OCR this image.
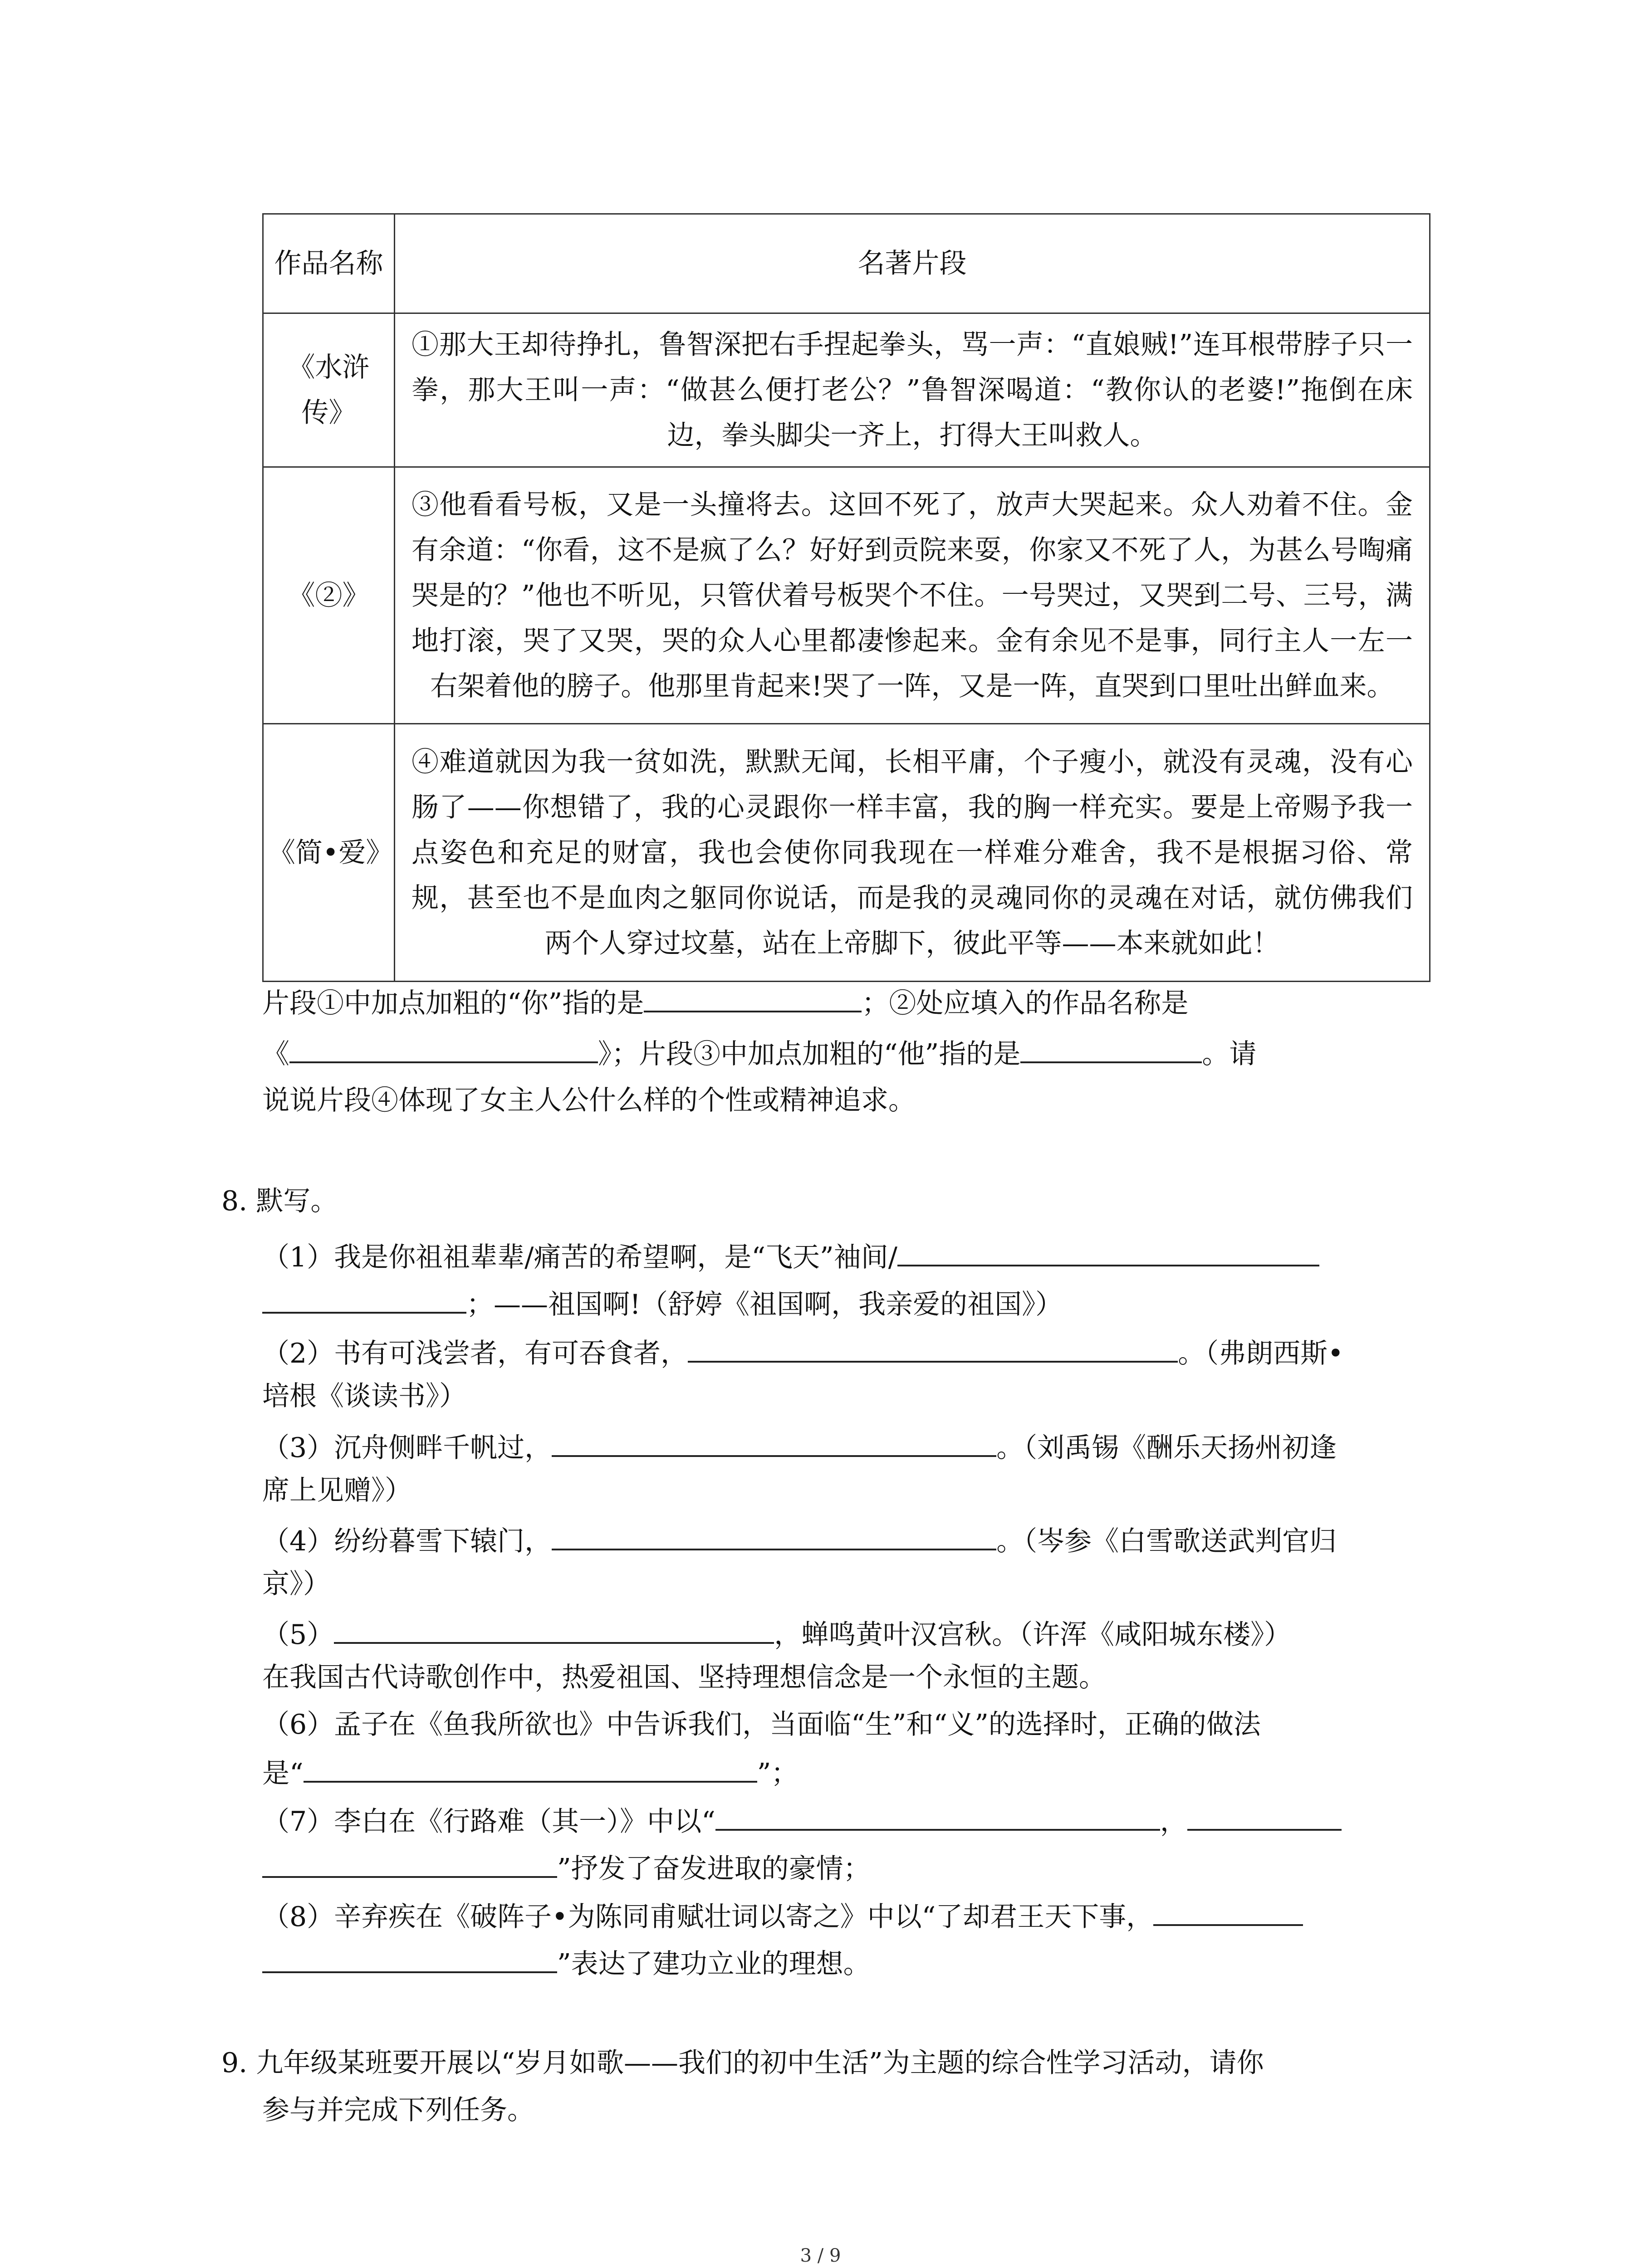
作品名称	名著片段
《水浒传》	①那大王却待挣扎，鲁智深把右手捏起拳头，骂一声：“直娘贼!”连耳根带脖子只一拳，那大王叫一声：“做甚么便打老公？”鲁智深喝道：“教你认的老婆!”拖倒在床边，拳头脚尖一齐上，打得大王叫救人。
《②》	③他看看号板，又是一头撞将去。这回不死了，放声大哭起来。众人劝着不住。金有余道：“你看，这不是疯了么？好好到贡院来耍，你家又不死了人，为甚么号啕痛哭是的？”他也不听见，只管伏着号板哭个不住。一号哭过，又哭到二号、三号，满地打滚，哭了又哭，哭的众人心里都凄惨起来。金有余见不是事，同行主人一左一右架着他的膀子。他那里肯起来!哭了一阵，又是一阵，直哭到口里吐出鲜血来。
《简•爱》	④难道就因为我一贫如洗，默默无闻，长相平庸，个子瘦小，就没有灵魂，没有心肠了——你想错了，我的心灵跟你一样丰富，我的胸一样充实。要是上帝赐予我一点姿色和充足的财富，我也会使你同我现在一样难分难舍，我不是根据习俗、常规，甚至也不是血肉之躯同你说话，而是我的灵魂同你的灵魂在对话，就仿佛我们两个人穿过坟墓，站在上帝脚下，彼此平等——本来就如此！
片段①中加点加粗的“你”指的是	；②处应填入的作品名称是
《	》；片段③中加点加粗的“他”指的是	。请
说说片段④体现了女主人公什么样的个性或精神追求。
8. 默写。
（1）我是你祖祖辈辈/痛苦的希望啊，是“飞天”袖间/
；——祖国啊!（舒婷《祖国啊，我亲爱的祖国》）
（2）书有可浅尝者，有可吞食者，	。（弗朗西斯•
培根《谈读书》）
（3）沉舟侧畔千帆过，	。（刘禹锡《酬乐天扬州初逢
席上见赠》）
（4）纷纷暮雪下辕门，	。（岑参《白雪歌送武判官归
京》）
（5）	，蝉鸣黄叶汉宫秋。（许浑《咸阳城东楼》）
在我国古代诗歌创作中，热爱祖国、坚持理想信念是一个永恒的主题。
（6）孟子在《鱼我所欲也》中告诉我们，当面临“生”和“义”的选择时，正确的做法
是“	”；
（7）李白在《行路难（其一）》中以“	，
”抒发了奋发进取的豪情；
（8）辛弃疾在《破阵子•为陈同甫赋壮词以寄之》中以“了却君王天下事，
”表达了建功立业的理想。
9. 九年级某班要开展以“岁月如歌——我们的初中生活”为主题的综合性学习活动，请你
参与并完成下列任务。
3 / 9
